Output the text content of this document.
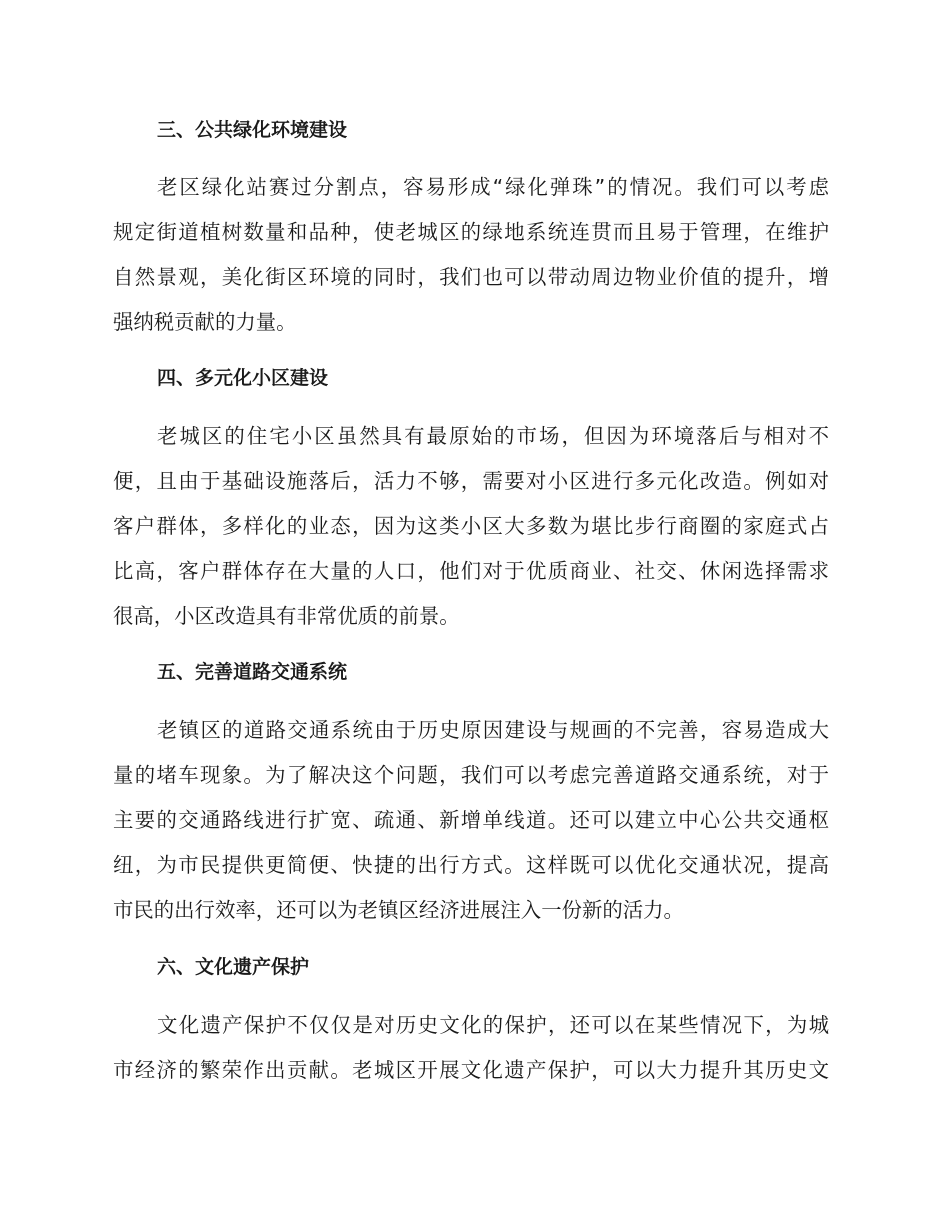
三、公共绿化环境建设
老区绿化站赛过分割点，容易形成“绿化弹珠”的情况。我们可以考虑
规定街道植树数量和品种，使老城区的绿地系统连贯而且易于管理，在维护
自然景观，美化街区环境的同时，我们也可以带动周边物业价值的提升，增
强纳税贡献的力量。
四、多元化小区建设
老城区的住宅小区虽然具有最原始的市场，但因为环境落后与相对不
便，且由于基础设施落后，活力不够，需要对小区进行多元化改造。例如对
客户群体，多样化的业态，因为这类小区大多数为堪比步行商圈的家庭式占
比高，客户群体存在大量的人口，他们对于优质商业、社交、休闲选择需求
很高，小区改造具有非常优质的前景。
五、完善道路交通系统
老镇区的道路交通系统由于历史原因建设与规画的不完善，容易造成大
量的堵车现象。为了解决这个问题，我们可以考虑完善道路交通系统，对于
主要的交通路线进行扩宽、疏通、新增单线道。还可以建立中心公共交通枢
纽，为市民提供更简便、快捷的出行方式。这样既可以优化交通状况，提高
市民的出行效率，还可以为老镇区经济进展注入一份新的活力。
六、文化遗产保护
文化遗产保护不仅仅是对历史文化的保护，还可以在某些情况下，为城
市经济的繁荣作出贡献。老城区开展文化遗产保护，可以大力提升其历史文
